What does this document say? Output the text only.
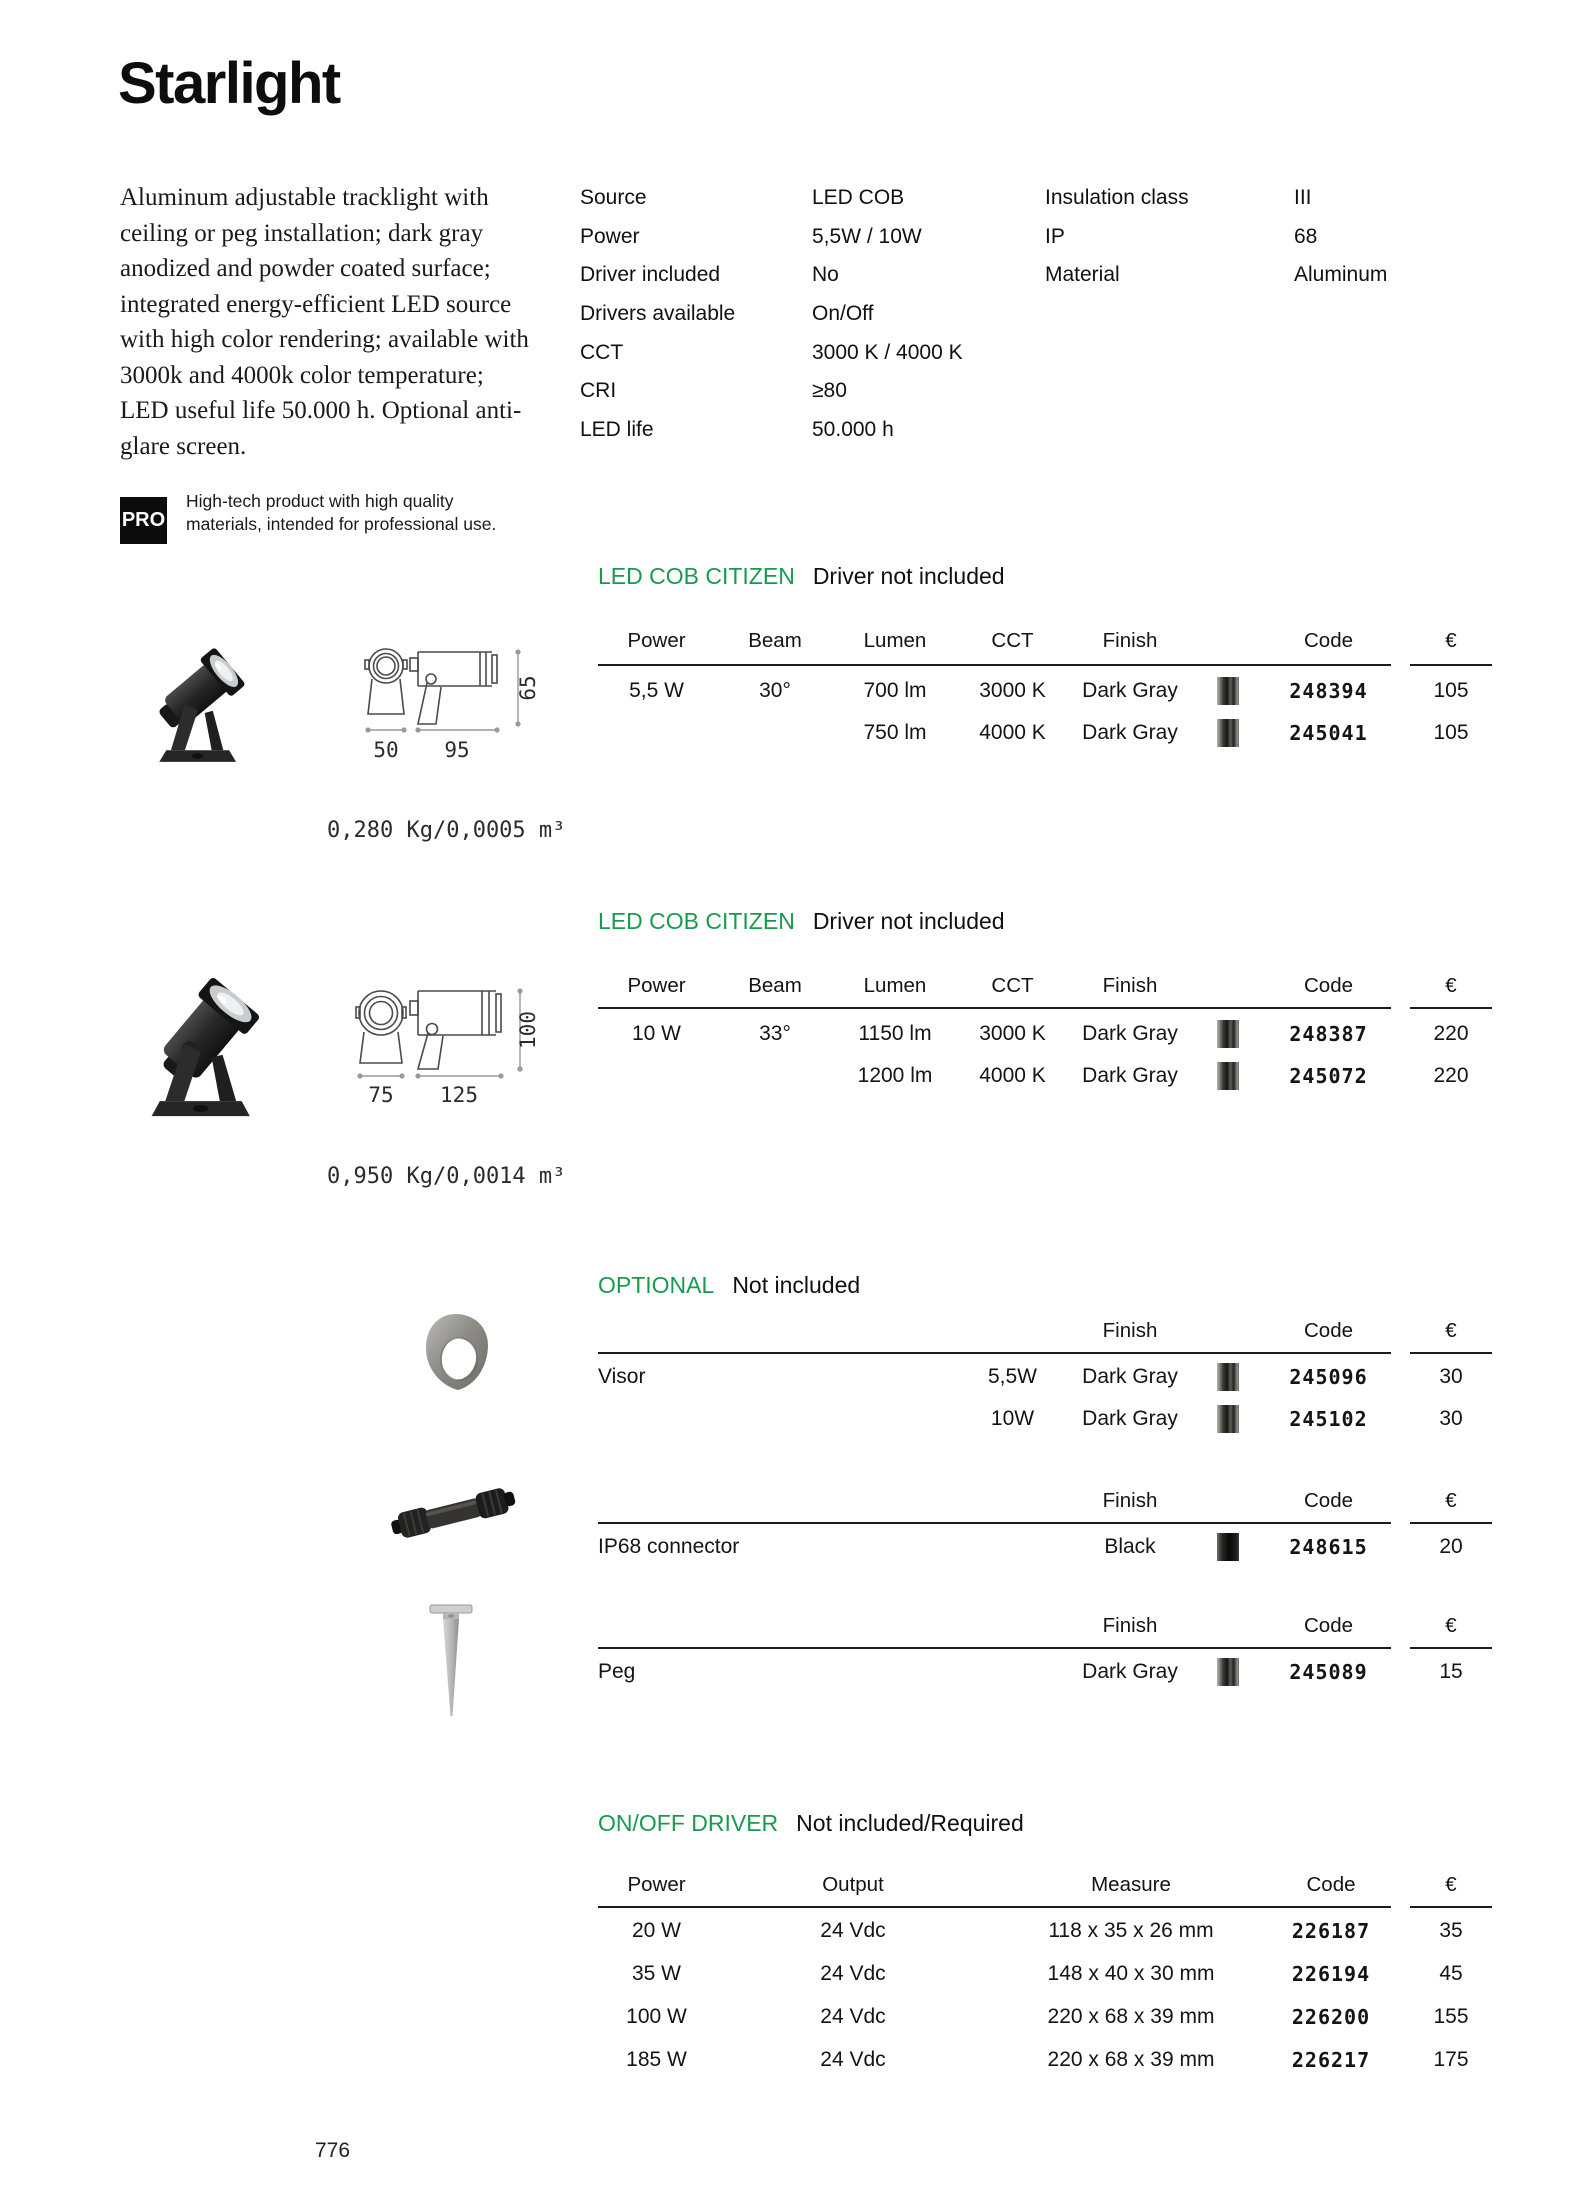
Starlight
Aluminum adjustable tracklight with ceiling or peg installation; dark gray anodized and powder coated surface; integrated energy-efficient LED source with high color rendering; available with 3000k and 4000k color temperature; LED useful life 50.000 h. Optional anti-glare screen.
PRO
High-tech product with high quality materials, intended for professional use.
Source	LED COB
Power	5,5W / 10W
Driver included	No
Drivers available	On/Off
CCT	3000 K / 4000 K
CRI	≥80
LED life	50.000 h
Insulation class	III
IP	68
Material	Aluminum
50 95
65
0,280 Kg/0,0005 m³
LED COB CITIZEN Driver not included
Power	Beam	Lumen	CCT	Finish	Code	€
5,5 W	30°	700 lm	3000 K	Dark Gray	248394	105
750 lm	4000 K	Dark Gray	245041	105
75 125
100
0,950 Kg/0,0014 m³
LED COB CITIZEN Driver not included
Power	Beam	Lumen	CCT	Finish	Code	€
10 W	33°	1150 lm	3000 K	Dark Gray	248387	220
1200 lm	4000 K	Dark Gray	245072	220
OPTIONAL Not included
Finish	Code	€
Visor	5,5W	Dark Gray	245096	30
10W	Dark Gray	245102	30
Finish	Code	€
IP68 connector	Black	248615	20
Finish	Code	€
Peg	Dark Gray	245089	15
ON/OFF DRIVER Not included/Required
Power	Output	Measure	Code	€
20 W	24 Vdc	118 x 35 x 26 mm	226187	35
35 W	24 Vdc	148 x 40 x 30 mm	226194	45
100 W	24 Vdc	220 x 68 x 39 mm	226200	155
185 W	24 Vdc	220 x 68 x 39 mm	226217	175
776
